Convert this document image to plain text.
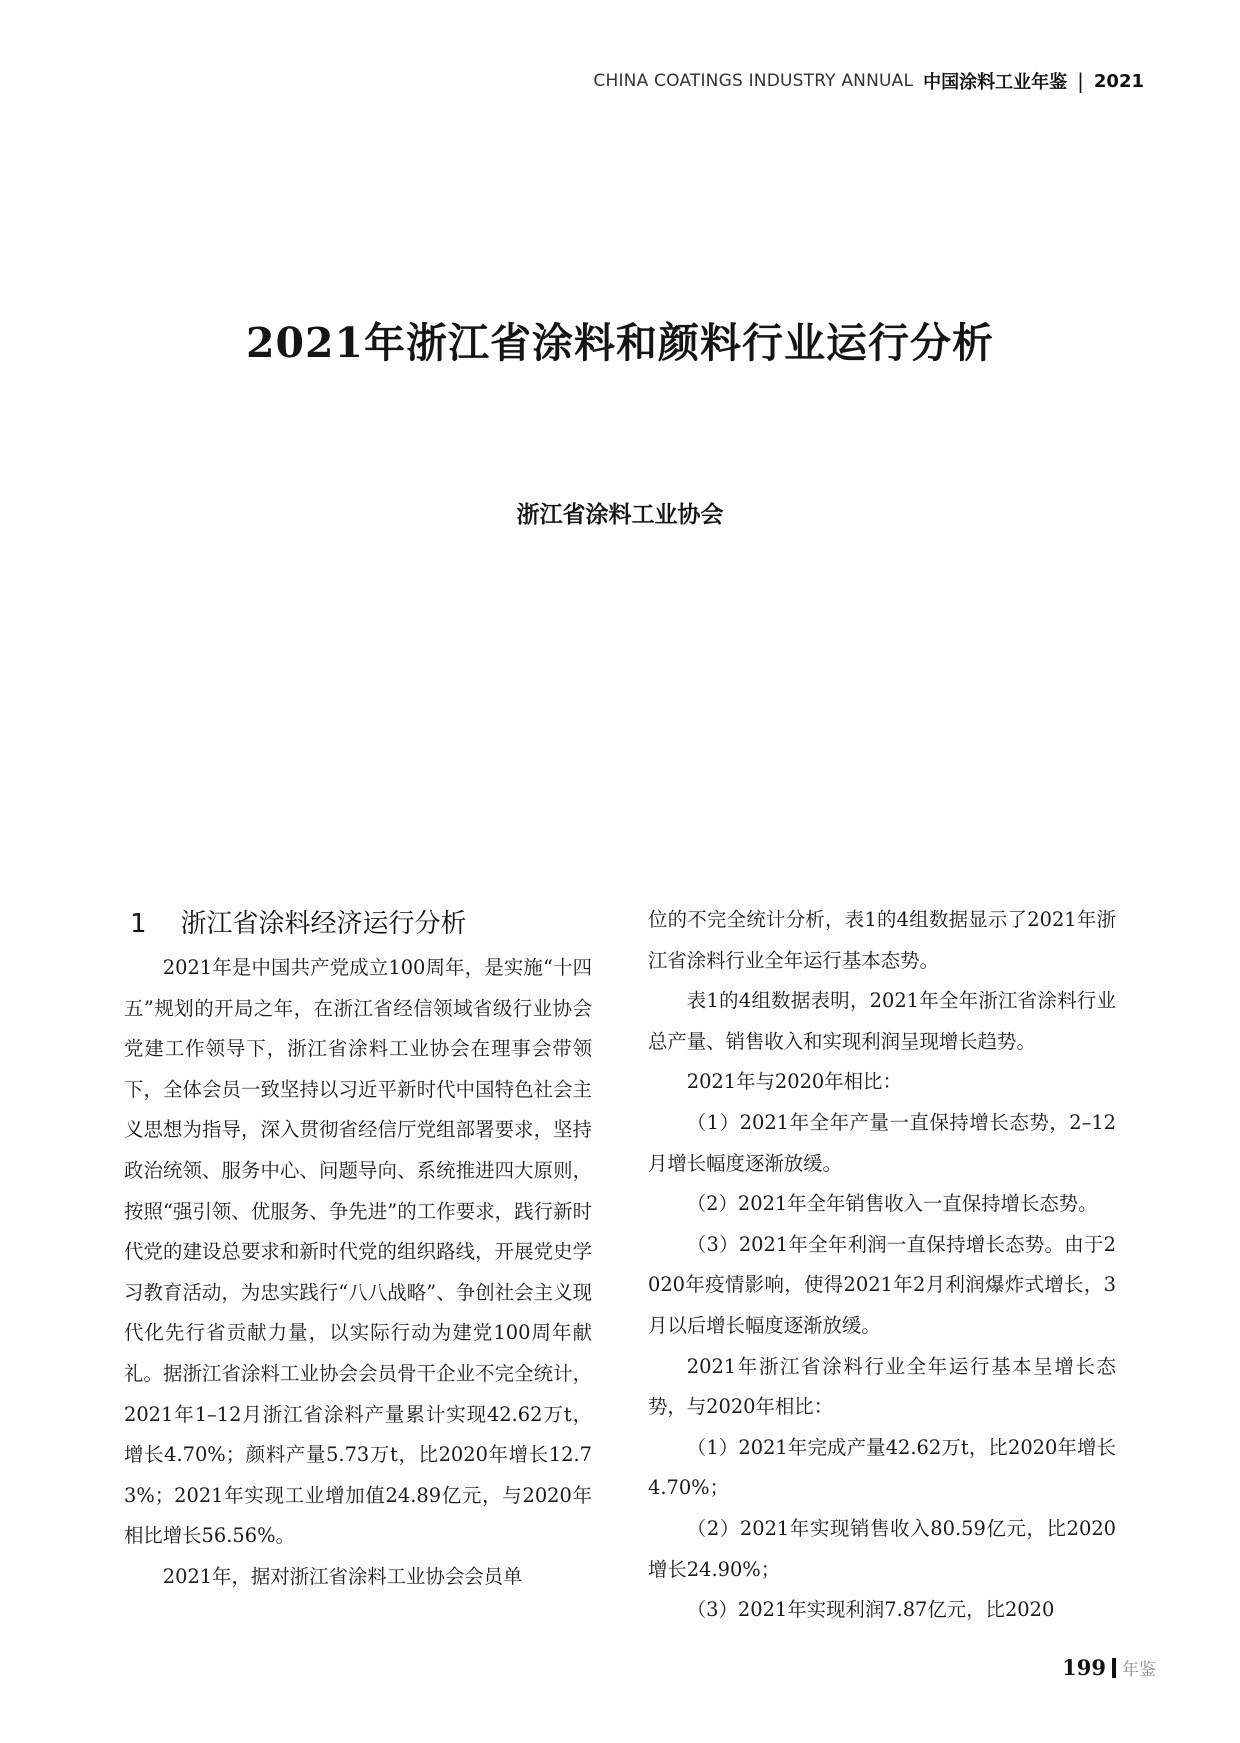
CHINA COATINGS INDUSTRY ANNUAL 中国涂料工业年鉴 | 2021
2021年浙江省涂料和颜料行业运行分析
浙江省涂料工业协会
1 浙江省涂料经济运行分析

2021年是中国共产党成立100周年，是实施“十四五”规划的开局之年，在浙江省经信领域省级行业协会党建工作领导下，浙江省涂料工业协会在理事会带领下，全体会员一致坚持以习近平新时代中国特色社会主义思想为指导，深入贯彻省经信厅党组部署要求，坚持政治统领、服务中心、问题导向、系统推进四大原则，按照“强引领、优服务、争先进”的工作要求，践行新时代党的建设总要求和新时代党的组织路线，开展党史学习教育活动，为忠实践行“八八战略”、争创社会主义现代化先行省贡献力量，以实际行动为建党100周年献礼。据浙江省涂料工业协会会员骨干企业不完全统计，2021年1–12月浙江省涂料产量累计实现42.62万t，增长4.70%；颜料产量5.73万t，比2020年增长12.73%；2021年实现工业增加值24.89亿元，与2020年相比增长56.56%。

2021年，据对浙江省涂料工业协会会员单

位的不完全统计分析，表1的4组数据显示了2021年浙江省涂料行业全年运行基本态势。

表1的4组数据表明，2021年全年浙江省涂料行业总产量、销售收入和实现利润呈现增长趋势。

2021年与2020年相比：

（1）2021年全年产量一直保持增长态势，2–12月增长幅度逐渐放缓。

（2）2021年全年销售收入一直保持增长态势。

（3）2021年全年利润一直保持增长态势。由于2020年疫情影响，使得2021年2月利润爆炸式增长，3月以后增长幅度逐渐放缓。

2021年浙江省涂料行业全年运行基本呈增长态势，与2020年相比：

（1）2021年完成产量42.62万t，比2020年增长4.70%；

（2）2021年实现销售收入80.59亿元，比2020增长24.90%；

（3）2021年实现利润7.87亿元，比2020

199 年鉴
